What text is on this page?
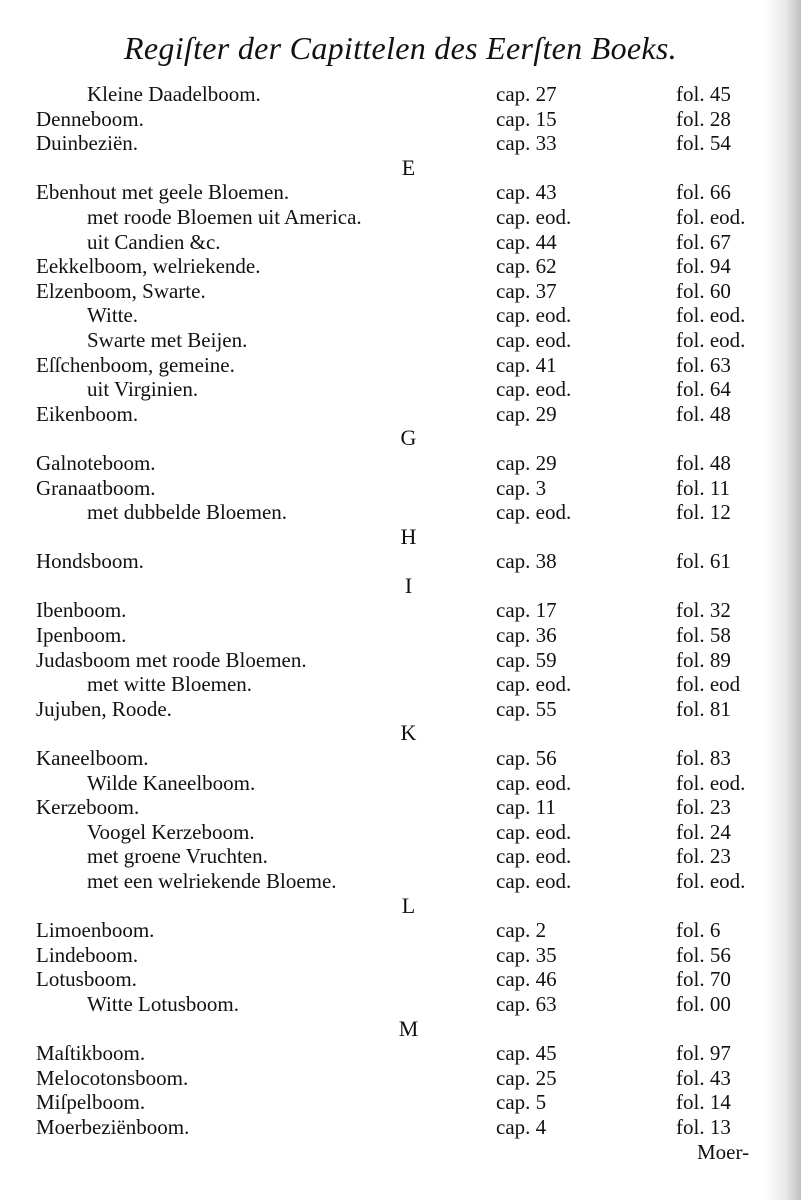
Regiſter der Capittelen des Eerſten Boeks.
Kleine Daadelboom.	cap. 27	fol. 45
Denneboom.	cap. 15	fol. 28
Duinbeziën.	cap. 33	fol. 54
E
Ebenhout met geele Bloemen.	cap. 43	fol. 66
met roode Bloemen uit America.	cap. eod.	fol. eod.
uit Candien &c.	cap. 44	fol. 67
Eekkelboom, welriekende.	cap. 62	fol. 94
Elzenboom, Swarte.	cap. 37	fol. 60
Witte.	cap. eod.	fol. eod.
Swarte met Beijen.	cap. eod.	fol. eod.
Eſſchenboom, gemeine.	cap. 41	fol. 63
uit Virginien.	cap. eod.	fol. 64
Eikenboom.	cap. 29	fol. 48
G
Galnoteboom.	cap. 29	fol. 48
Granaatboom.	cap. 3	fol. 11
met dubbelde Bloemen.	cap. eod.	fol. 12
H
Hondsboom.	cap. 38	fol. 61
I
Ibenboom.	cap. 17	fol. 32
Ipenboom.	cap. 36	fol. 58
Judasboom met roode Bloemen.	cap. 59	fol. 89
met witte Bloemen.	cap. eod.	fol. eod
Jujuben, Roode.	cap. 55	fol. 81
K
Kaneelboom.	cap. 56	fol. 83
Wilde Kaneelboom.	cap. eod.	fol. eod.
Kerzeboom.	cap. 11	fol. 23
Voogel Kerzeboom.	cap. eod.	fol. 24
met groene Vruchten.	cap. eod.	fol. 23
met een welriekende Bloeme.	cap. eod.	fol. eod.
L
Limoenboom.	cap. 2	fol. 6
Lindeboom.	cap. 35	fol. 56
Lotusboom.	cap. 46	fol. 70
Witte Lotusboom.	cap. 63	fol. 00
M
Maſtikboom.	cap. 45	fol. 97
Melocotonsboom.	cap. 25	fol. 43
Miſpelboom.	cap. 5	fol. 14
Moerbeziënboom.	cap. 4	fol. 13
Moer-
